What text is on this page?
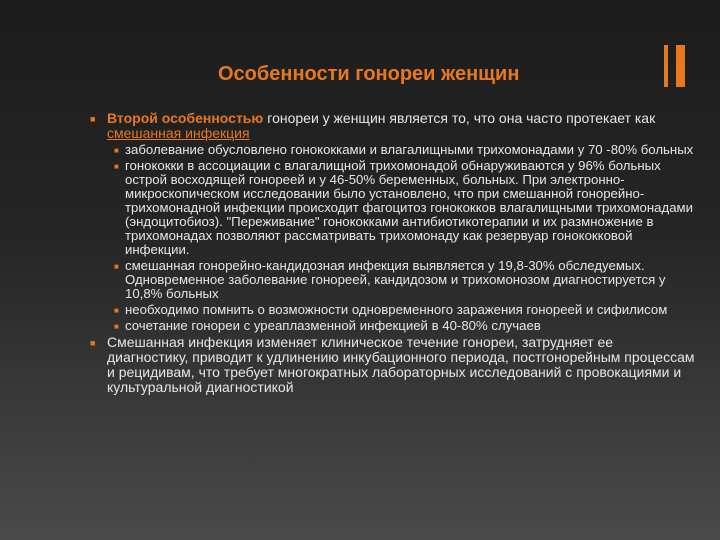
Особенности гонореи женщин
■ Второй особенностью гонореи у женщин является то, что она часто протекает как смешанная инфекция
■ заболевание обусловлено гонококками и влагалищными трихомонадами у 70 -80% больных
■ гонококки в ассоциации с влагалищной трихомонадой обнаруживаются у 96% больных острой восходящей гонореей и у 46-50% беременных, больных. При электронно-микроскопическом исследовании было установлено, что при смешанной гонорейно-трихомонадной инфекции происходит фагоцитоз гонококков влагалищными трихомонадами (эндоцитобиоз). "Переживание" гонококками антибиотикотерапии и их размножение в трихомонадах позволяют рассматривать трихомонаду как резервуар гонококковой инфекции.
■ смешанная гонорейно-кандидозная инфекция выявляется у 19,8-30% обследуемых. Одновременное заболевание гонореей, кандидозом и трихомонозом диагностируется у 10,8% больных
■ необходимо помнить о возможности одновременного заражения гонореей и сифилисом
■ сочетание гонореи с уреаплазменной инфекцией в 40-80% случаев
■ Смешанная инфекция изменяет клиническое течение гонореи, затрудняет ее диагностику, приводит к удлинению инкубационного периода, постгонорейным процессам и рецидивам, что требует многократных лабораторных исследований с провокациями и культуральной диагностикой
